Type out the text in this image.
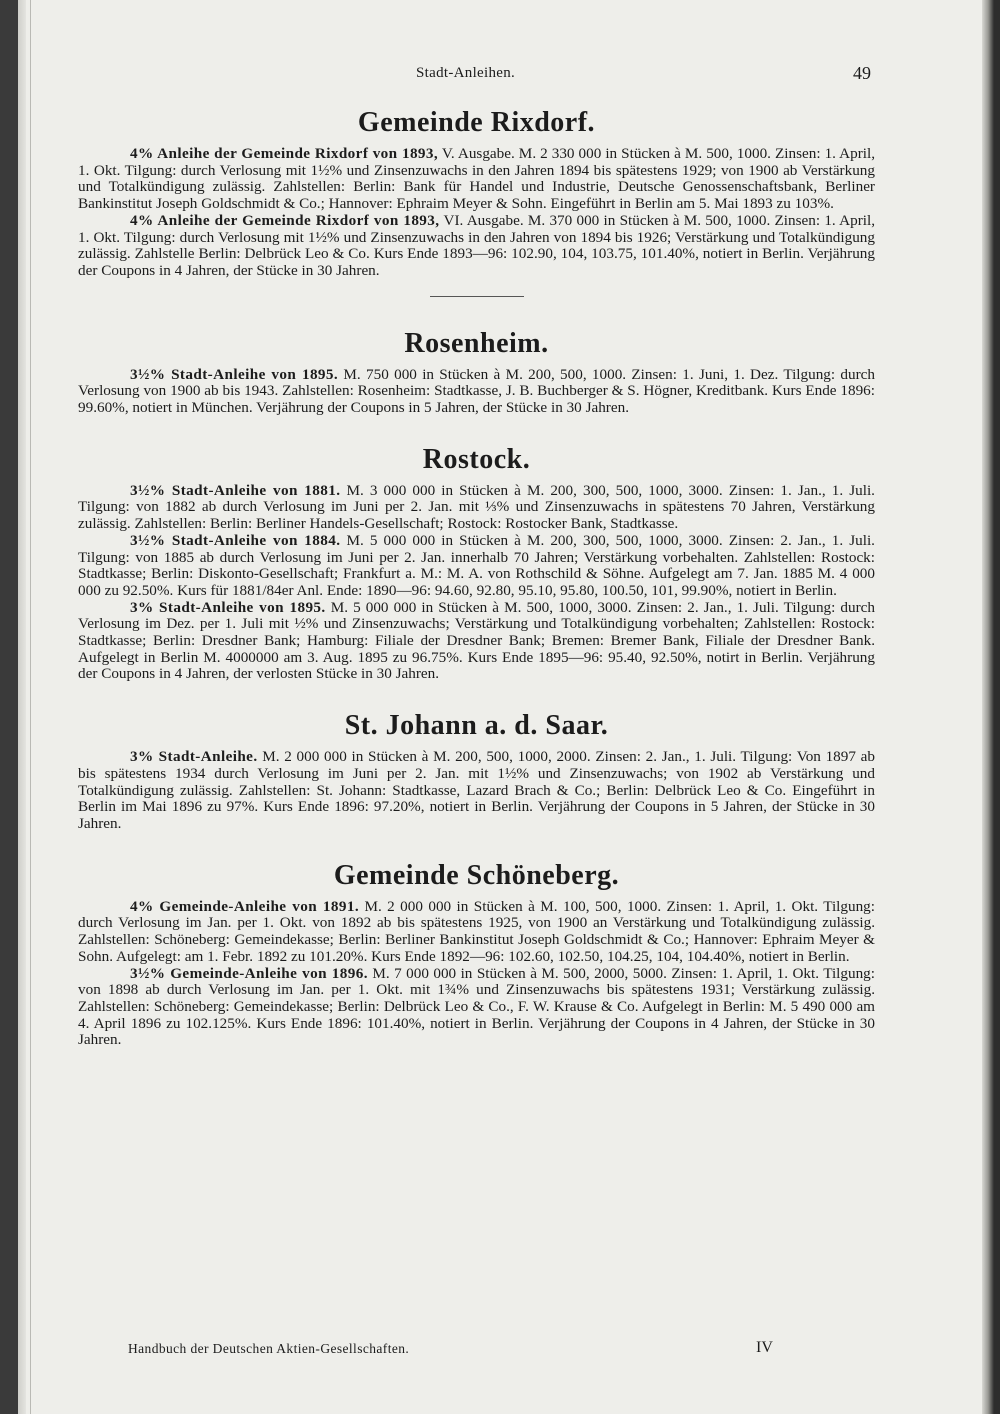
Stadt-Anleihen.	49
Gemeinde Rixdorf.

4% Anleihe der Gemeinde Rixdorf von 1893, V. Ausgabe. M. 2 330 000 in Stücken à M. 500, 1000. Zinsen: 1. April, 1. Okt. Tilgung: durch Verlosung mit 1½% und Zinsenzuwachs in den Jahren 1894 bis spätestens 1929; von 1900 ab Verstärkung und Totalkündigung zulässig. Zahlstellen: Berlin: Bank für Handel und Industrie, Deutsche Genossenschaftsbank, Berliner Bankinstitut Joseph Goldschmidt & Co.; Hannover: Ephraim Meyer & Sohn. Eingeführt in Berlin am 5. Mai 1893 zu 103%.

4% Anleihe der Gemeinde Rixdorf von 1893, VI. Ausgabe. M. 370 000 in Stücken à M. 500, 1000. Zinsen: 1. April, 1. Okt. Tilgung: durch Verlosung mit 1½% und Zinsenzuwachs in den Jahren von 1894 bis 1926; Verstärkung und Totalkündigung zulässig. Zahlstelle Berlin: Delbrück Leo & Co. Kurs Ende 1893—96: 102.90, 104, 103.75, 101.40%, notiert in Berlin. Verjährung der Coupons in 4 Jahren, der Stücke in 30 Jahren.

Rosenheim.

3½% Stadt-Anleihe von 1895. M. 750 000 in Stücken à M. 200, 500, 1000. Zinsen: 1. Juni, 1. Dez. Tilgung: durch Verlosung von 1900 ab bis 1943. Zahlstellen: Rosenheim: Stadtkasse, J. B. Buchberger & S. Högner, Kreditbank. Kurs Ende 1896: 99.60%, notiert in München. Verjährung der Coupons in 5 Jahren, der Stücke in 30 Jahren.

Rostock.

3½% Stadt-Anleihe von 1881. M. 3 000 000 in Stücken à M. 200, 300, 500, 1000, 3000. Zinsen: 1. Jan., 1. Juli. Tilgung: von 1882 ab durch Verlosung im Juni per 2. Jan. mit ⅓% und Zinsenzuwachs in spätestens 70 Jahren, Verstärkung zulässig. Zahlstellen: Berlin: Berliner Handels-Gesellschaft; Rostock: Rostocker Bank, Stadtkasse.

3½% Stadt-Anleihe von 1884. M. 5 000 000 in Stücken à M. 200, 300, 500, 1000, 3000. Zinsen: 2. Jan., 1. Juli. Tilgung: von 1885 ab durch Verlosung im Juni per 2. Jan. innerhalb 70 Jahren; Verstärkung vorbehalten. Zahlstellen: Rostock: Stadtkasse; Berlin: Diskonto-Gesellschaft; Frankfurt a. M.: M. A. von Rothschild & Söhne. Aufgelegt am 7. Jan. 1885 M. 4 000 000 zu 92.50%. Kurs für 1881/84er Anl. Ende: 1890—96: 94.60, 92.80, 95.10, 95.80, 100.50, 101, 99.90%, notiert in Berlin.

3% Stadt-Anleihe von 1895. M. 5 000 000 in Stücken à M. 500, 1000, 3000. Zinsen: 2. Jan., 1. Juli. Tilgung: durch Verlosung im Dez. per 1. Juli mit ½% und Zinsenzuwachs; Verstärkung und Totalkündigung vorbehalten; Zahlstellen: Rostock: Stadtkasse; Berlin: Dresdner Bank; Hamburg: Filiale der Dresdner Bank; Bremen: Bremer Bank, Filiale der Dresdner Bank. Aufgelegt in Berlin M. 4000000 am 3. Aug. 1895 zu 96.75%. Kurs Ende 1895—96: 95.40, 92.50%, notirt in Berlin. Verjährung der Coupons in 4 Jahren, der verlosten Stücke in 30 Jahren.

St. Johann a. d. Saar.

3% Stadt-Anleihe. M. 2 000 000 in Stücken à M. 200, 500, 1000, 2000. Zinsen: 2. Jan., 1. Juli. Tilgung: Von 1897 ab bis spätestens 1934 durch Verlosung im Juni per 2. Jan. mit 1½% und Zinsenzuwachs; von 1902 ab Verstärkung und Totalkündigung zulässig. Zahlstellen: St. Johann: Stadtkasse, Lazard Brach & Co.; Berlin: Delbrück Leo & Co. Eingeführt in Berlin im Mai 1896 zu 97%. Kurs Ende 1896: 97.20%, notiert in Berlin. Verjährung der Coupons in 5 Jahren, der Stücke in 30 Jahren.

Gemeinde Schöneberg.

4% Gemeinde-Anleihe von 1891. M. 2 000 000 in Stücken à M. 100, 500, 1000. Zinsen: 1. April, 1. Okt. Tilgung: durch Verlosung im Jan. per 1. Okt. von 1892 ab bis spätestens 1925, von 1900 an Verstärkung und Totalkündigung zulässig. Zahlstellen: Schöneberg: Gemeindekasse; Berlin: Berliner Bankinstitut Joseph Goldschmidt & Co.; Hannover: Ephraim Meyer & Sohn. Aufgelegt: am 1. Febr. 1892 zu 101.20%. Kurs Ende 1892—96: 102.60, 102.50, 104.25, 104, 104.40%, notiert in Berlin.

3½% Gemeinde-Anleihe von 1896. M. 7 000 000 in Stücken à M. 500, 2000, 5000. Zinsen: 1. April, 1. Okt. Tilgung: von 1898 ab durch Verlosung im Jan. per 1. Okt. mit 1¾% und Zinsenzuwachs bis spätestens 1931; Verstärkung zulässig. Zahlstellen: Schöneberg: Gemeindekasse; Berlin: Delbrück Leo & Co., F. W. Krause & Co. Aufgelegt in Berlin: M. 5 490 000 am 4. April 1896 zu 102.125%. Kurs Ende 1896: 101.40%, notiert in Berlin. Verjährung der Coupons in 4 Jahren, der Stücke in 30 Jahren.

Handbuch der Deutschen Aktien-Gesellschaften.	IV
